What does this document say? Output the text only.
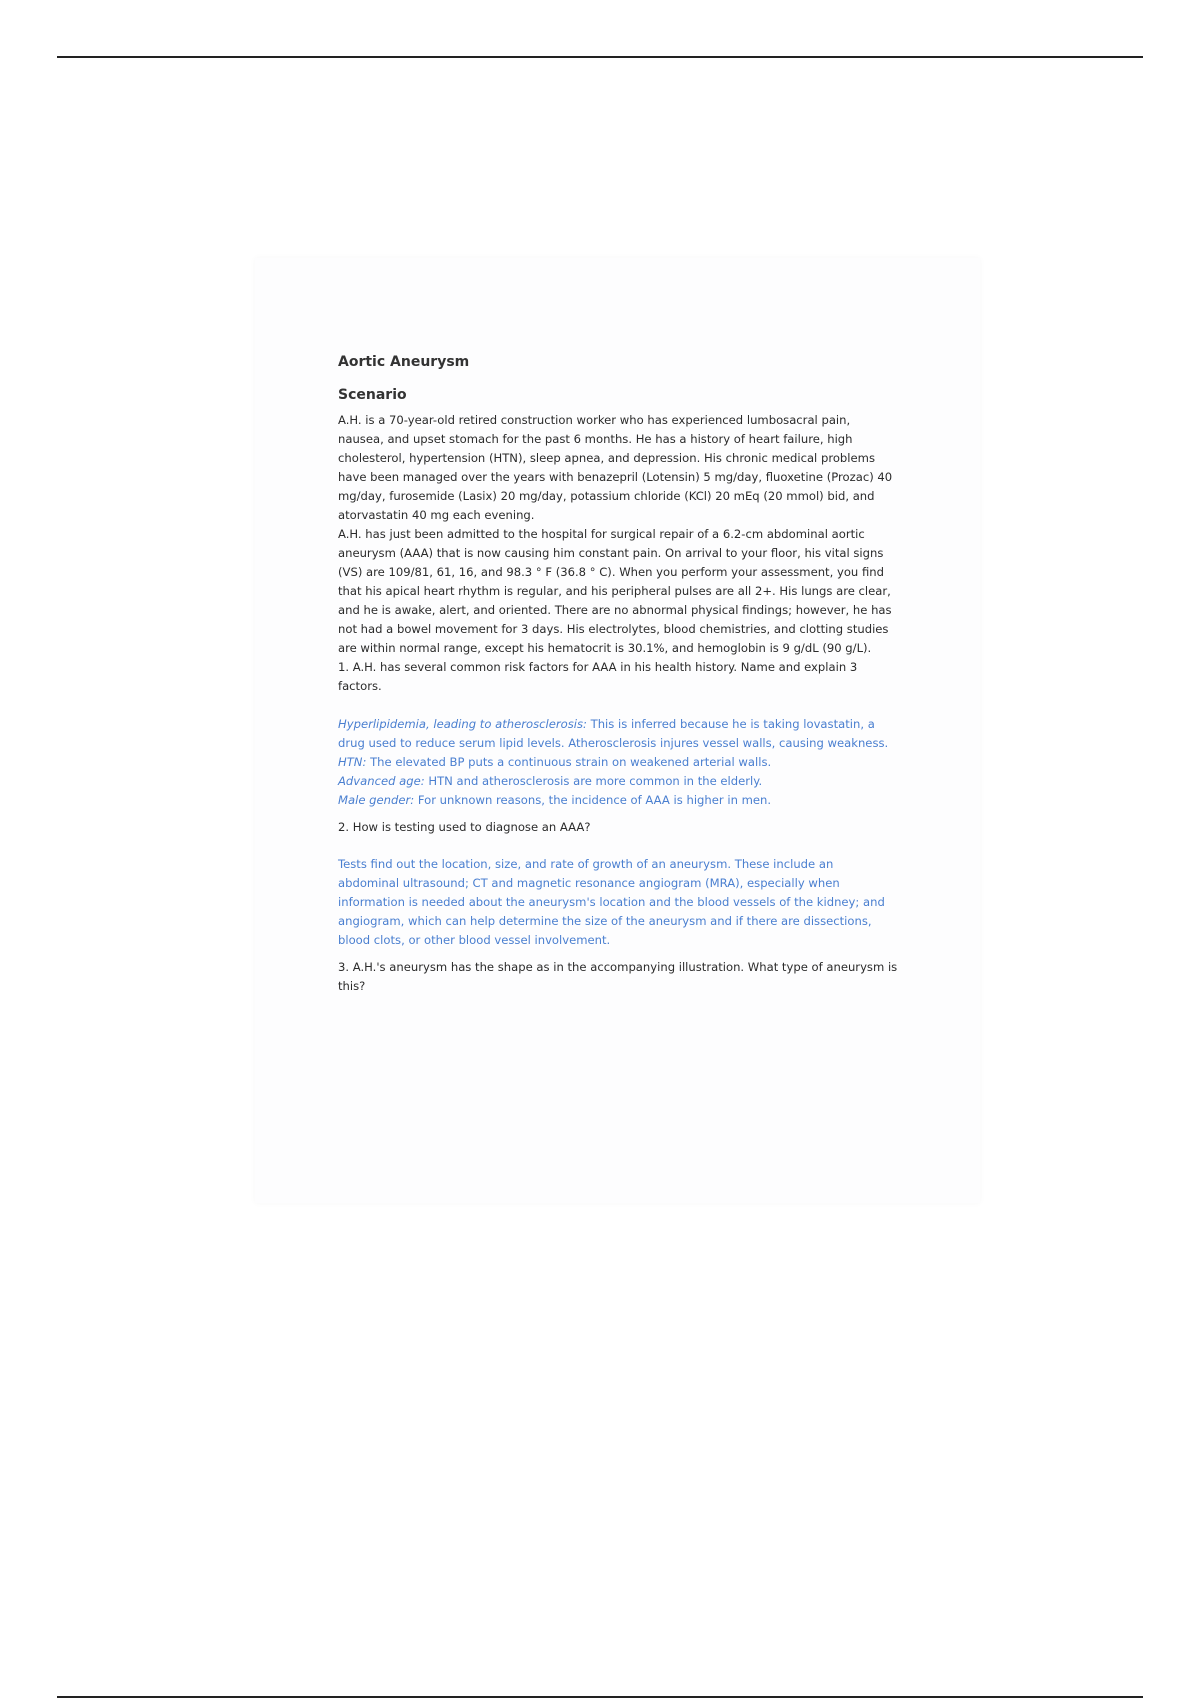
Aortic Aneurysm
Scenario

A.H. is a 70-year-old retired construction worker who has experienced lumbosacral pain, nausea, and upset stomach for the past 6 months. He has a history of heart failure, high cholesterol, hypertension (HTN), sleep apnea, and depression. His chronic medical problems have been managed over the years with benazepril (Lotensin) 5 mg/day, fluoxetine (Prozac) 40 mg/day, furosemide (Lasix) 20 mg/day, potassium chloride (KCl) 20 mEq (20 mmol) bid, and atorvastatin 40 mg each evening.

A.H. has just been admitted to the hospital for surgical repair of a 6.2-cm abdominal aortic aneurysm (AAA) that is now causing him constant pain. On arrival to your floor, his vital signs (VS) are 109/81, 61, 16, and 98.3 ° F (36.8 ° C). When you perform your assessment, you find that his apical heart rhythm is regular, and his peripheral pulses are all 2+. His lungs are clear, and he is awake, alert, and oriented. There are no abnormal physical findings; however, he has not had a bowel movement for 3 days. His electrolytes, blood chemistries, and clotting studies are within normal range, except his hematocrit is 30.1%, and hemoglobin is 9 g/dL (90 g/L).

1. A.H. has several common risk factors for AAA in his health history. Name and explain 3 factors.

Hyperlipidemia, leading to atherosclerosis: This is inferred because he is taking lovastatin, a drug used to reduce serum lipid levels. Atherosclerosis injures vessel walls, causing weakness.

HTN: The elevated BP puts a continuous strain on weakened arterial walls.

Advanced age: HTN and atherosclerosis are more common in the elderly.

Male gender: For unknown reasons, the incidence of AAA is higher in men.

2. How is testing used to diagnose an AAA?

Tests find out the location, size, and rate of growth of an aneurysm. These include an abdominal ultrasound; CT and magnetic resonance angiogram (MRA), especially when information is needed about the aneurysm's location and the blood vessels of the kidney; and angiogram, which can help determine the size of the aneurysm and if there are dissections, blood clots, or other blood vessel involvement.

3. A.H.'s aneurysm has the shape as in the accompanying illustration. What type of aneurysm is this?
